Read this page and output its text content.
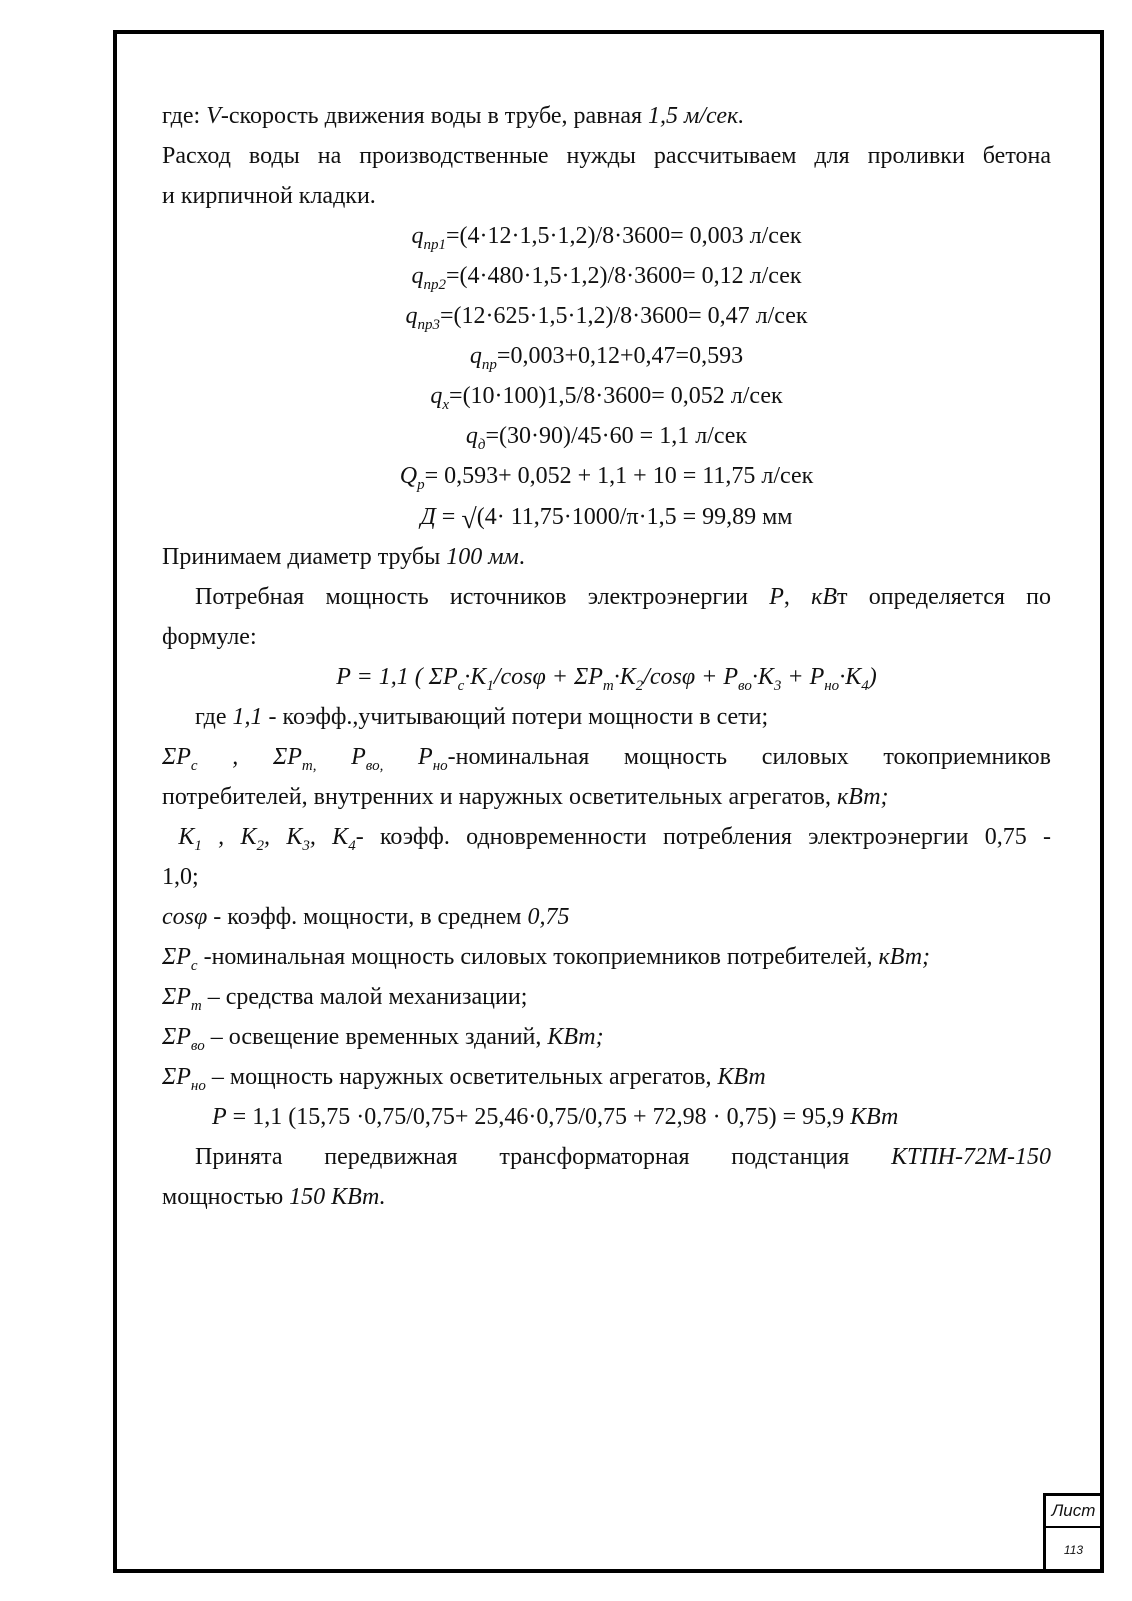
где: V-скорость движения воды в трубе, равная 1,5 м/сек.

Расход воды на производственные нужды рассчитываем для проливки бетона

и кирпичной кладки.

$q_{пр1}=(4\cdot 12\cdot 1,5\cdot 1,2)/8\cdot 3600= 0,003$ л/сек

$q_{пр2}=(4\cdot 480\cdot 1,5\cdot 1,2)/8\cdot 3600= 0,12$ л/сек

$q_{пр3}=(12\cdot 625\cdot 1,5\cdot 1,2)/8\cdot 3600= 0,47$ л/сек

$q_{пр}=0,003+0,12+0,47=0,593$

$q_х=(10\cdot 100)1,5/8\cdot 3600= 0,052$ л/сек

$q_д=(30\cdot 90)/45\cdot 60 = 1,1$ л/сек

$Q_р= 0,593+ 0,052 + 1,1 + 10 = 11,75$ л/сек

Д = √(4· 11,75·1000/π·1,5 = 99,89 мм

Принимаем диаметр трубы 100 мм.

Потребная мощность источников электроэнергии Р, кВт определяется по

формуле:

P = 1,1 ( $\Sigma P_c\cdot K_1$/cosφ + $\Sigma P_m\cdot K_2$/cosφ + $P_{во}\cdot K_3 + P_{но}\cdot K_4$)

где 1,1 - коэфф.,учитывающий потери мощности в сети;

$\Sigma P_c$ , $\Sigma P_{m,}$ $P_{во,}$ $P_{но}$-номинальная мощность силовых токоприемников

потребителей, внутренних и наружных осветительных агрегатов, кВт;

$K_1$ , $K_2$, $K_3$, $K_4-$ коэфф. одновременности потребления электроэнергии 0,75 -

1,0;

cosφ - коэфф. мощности, в среднем 0,75

$\Sigma P_c$ -номинальная мощность силовых токоприемников потребителей, кВт;

$\Sigma P_m$ – средства малой механизации;

$\Sigma P_{во}$ – освещение временных зданий, КВт;

$\Sigma P_{но}$ – мощность наружных осветительных агрегатов, КВт

P = 1,1 (15,75 ·0,75/0,75+ 25,46·0,75/0,75 + 72,98 · 0,75) = 95,9 КВт

Принята передвижная трансформаторная подстанция КТПН-72М-150

мощностью 150 КВт.

Лист
113
